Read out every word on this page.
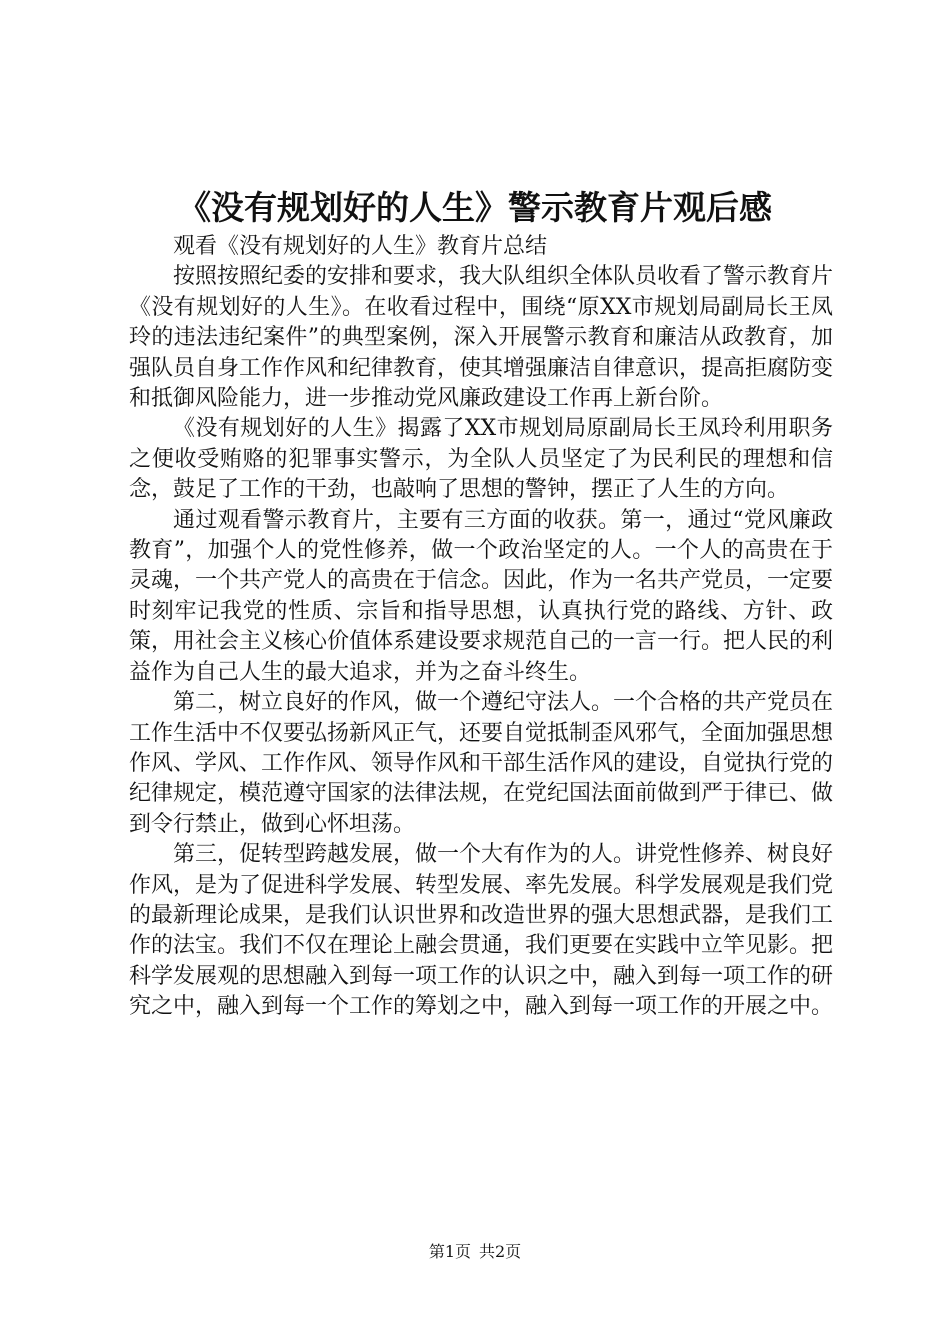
《没有规划好的人生》警示教育片观后感

观看《没有规划好的人生》教育片总结

按照按照纪委的安排和要求，我大队组织全体队员收看了警示教育片《没有规划好的人生》。在收看过程中，围绕“原XX市规划局副局长王凤玲的违法违纪案件”的典型案例，深入开展警示教育和廉洁从政教育，加强队员自身工作作风和纪律教育，使其增强廉洁自律意识，提高拒腐防变和抵御风险能力，进一步推动党风廉政建设工作再上新台阶。

《没有规划好的人生》揭露了XX市规划局原副局长王凤玲利用职务之便收受贿赂的犯罪事实警示，为全队人员坚定了为民利民的理想和信念，鼓足了工作的干劲，也敲响了思想的警钟，摆正了人生的方向。

通过观看警示教育片，主要有三方面的收获。第一，通过“党风廉政教育”，加强个人的党性修养，做一个政治坚定的人。一个人的高贵在于灵魂，一个共产党人的高贵在于信念。因此，作为一名共产党员，一定要时刻牢记我党的性质、宗旨和指导思想，认真执行党的路线、方针、政策，用社会主义核心价值体系建设要求规范自己的一言一行。把人民的利益作为自己人生的最大追求，并为之奋斗终生。

第二，树立良好的作风，做一个遵纪守法人。一个合格的共产党员在工作生活中不仅要弘扬新风正气，还要自觉抵制歪风邪气，全面加强思想作风、学风、工作作风、领导作风和干部生活作风的建设，自觉执行党的纪律规定，模范遵守国家的法律法规，在党纪国法面前做到严于律已、做到令行禁止，做到心怀坦荡。

第三，促转型跨越发展，做一个大有作为的人。讲党性修养、树良好作风，是为了促进科学发展、转型发展、率先发展。科学发展观是我们党的最新理论成果，是我们认识世界和改造世界的强大思想武器，是我们工作的法宝。我们不仅在理论上融会贯通，我们更要在实践中立竿见影。把科学发展观的思想融入到每一项工作的认识之中，融入到每一项工作的研究之中，融入到每一个工作的筹划之中，融入到每一项工作的开展之中。

第1页 共2页
